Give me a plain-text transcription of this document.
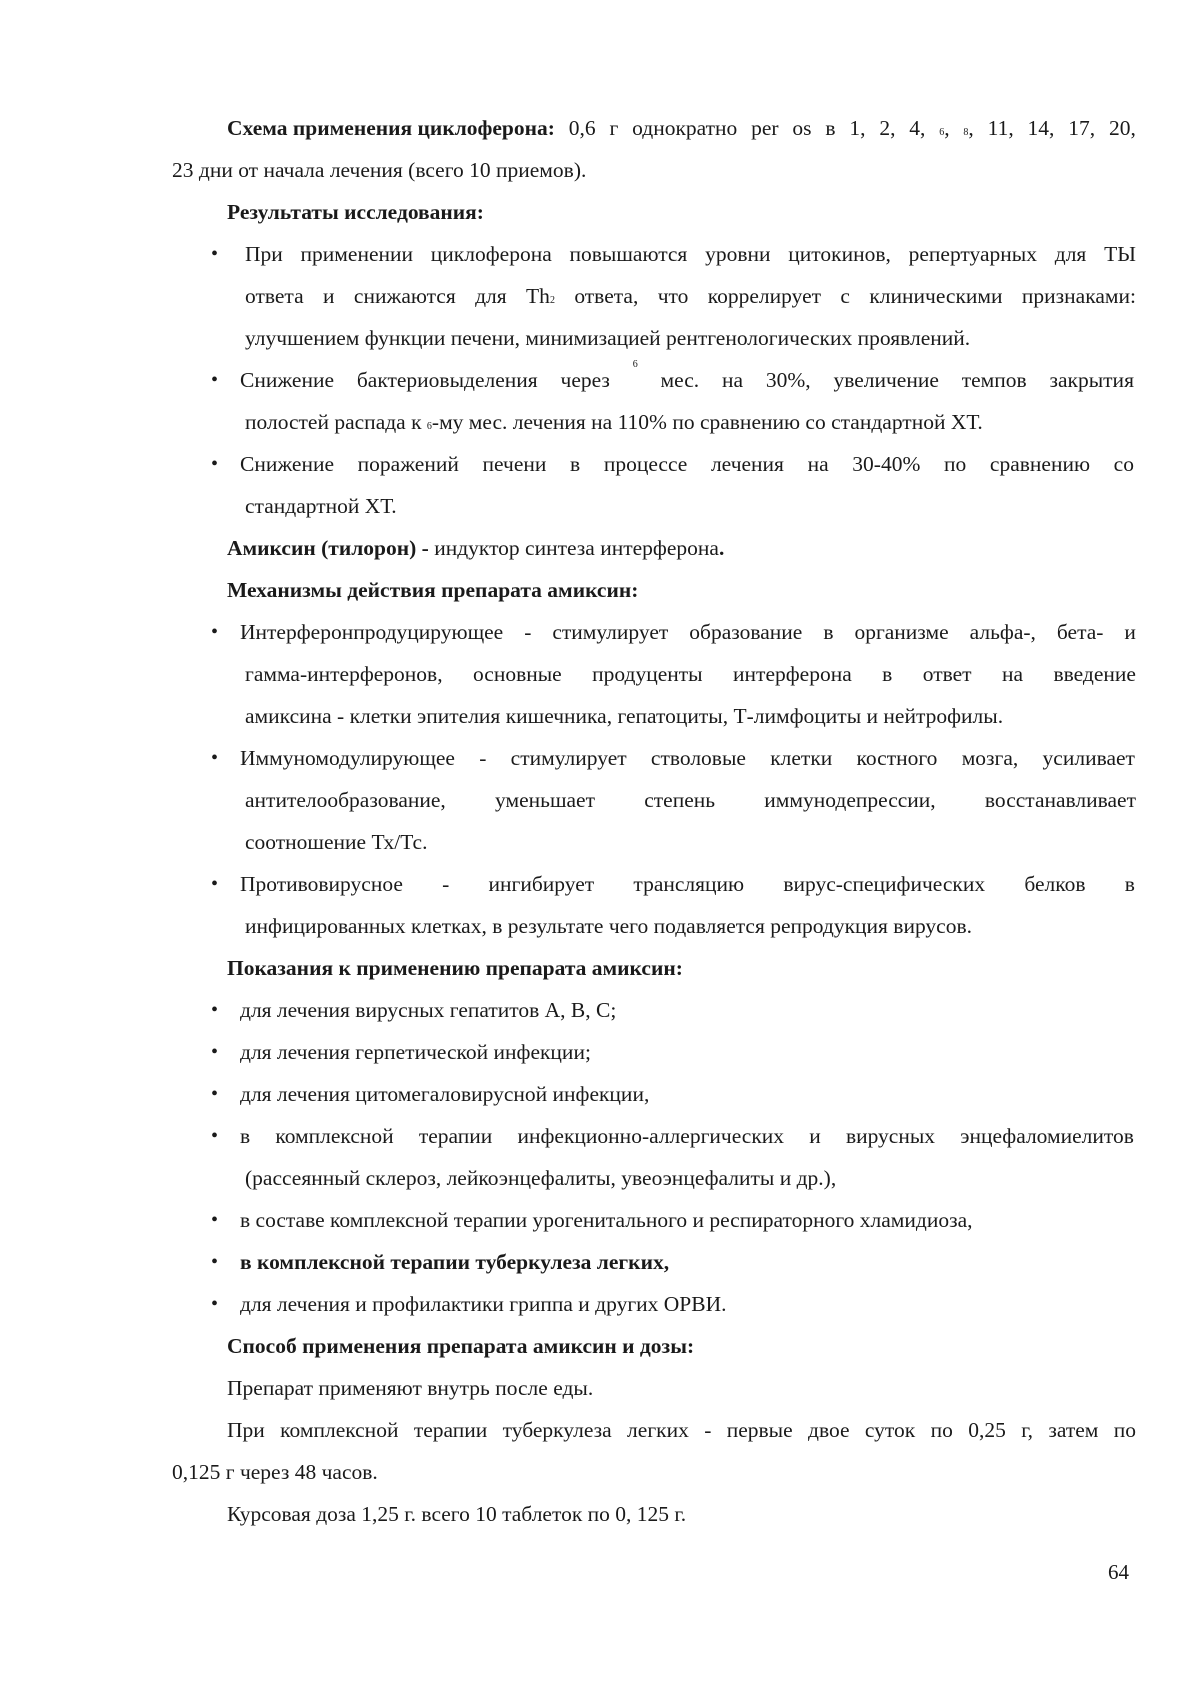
Схема применения циклоферона: 0,6 г однократно per os в 1, 2, 4, 6, 8, 11, 14, 17, 20,
23 дни от начала лечения (всего 10 приемов).
Результаты исследования:
• При применении циклоферона повышаются уровни цитокинов, репертуарных для ТЫ
ответа и снижаются для Th2 ответа, что коррелирует с клиническими признаками:
улучшением функции печени, минимизацией рентгенологических проявлений.
• Снижение бактериовыделения через
6
мес. на 30%, увеличение темпов закрытия
полостей распада к 6-му мес. лечения на 110% по сравнению со стандартной ХТ.
• Снижение поражений печени в процессе лечения на 30-40% по сравнению со
стандартной ХТ.
Амиксин (тилорон) - индуктор синтеза интерферона.
Механизмы действия препарата амиксин:
• Интерферонпродуцирующее - стимулирует образование в организме альфа-, бета- и
гамма-интерферонов, основные продуценты интерферона в ответ на введение
амиксина - клетки эпителия кишечника, гепатоциты, Т-лимфоциты и нейтрофилы.
• Иммуномодулирующее - стимулирует стволовые клетки костного мозга, усиливает
антителообразование, уменьшает степень иммунодепрессии, восстанавливает
соотношение Тх/Тс.
• Противовирусное - ингибирует трансляцию вирус-специфических белков в
инфицированных клетках, в результате чего подавляется репродукция вирусов.
Показания к применению препарата амиксин:
• для лечения вирусных гепатитов А, В, С;
• для лечения герпетической инфекции;
• для лечения цитомегаловирусной инфекции,
• в комплексной терапии инфекционно-аллергических и вирусных энцефаломиелитов
(рассеянный склероз, лейкоэнцефалиты, увеоэнцефалиты и др.),
• в составе комплексной терапии урогенитального и респираторного хламидиоза,
• в комплексной терапии туберкулеза легких,
• для лечения и профилактики гриппа и других ОРВИ.
Способ применения препарата амиксин и дозы:
Препарат применяют внутрь после еды.
При комплексной терапии туберкулеза легких - первые двое суток по 0,25 г, затем по
0,125 г через 48 часов.
Курсовая доза 1,25 г. всего 10 таблеток по 0, 125 г.
64
